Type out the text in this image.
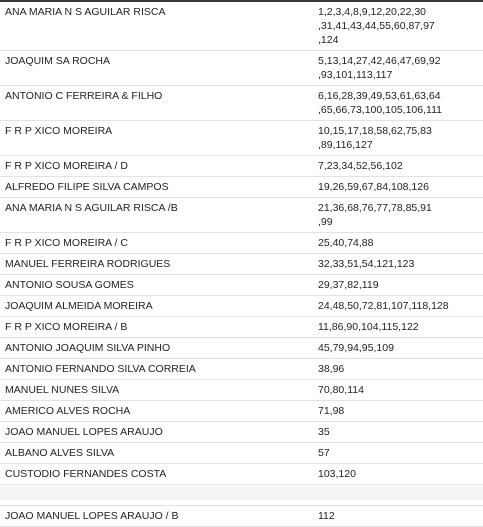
ANA MARIA N S AGUILAR RISCA	1,2,3,4,8,9,12,20,22,30
,31,41,43,44,55,60,87,97
,124

JOAQUIM SA ROCHA	5,13,14,27,42,46,47,69,92
,93,101,113,117

ANTONIO C FERREIRA & FILHO	6,16,28,39,49,53,61,63,64
,65,66,73,100,105,106,111

F R P XICO MOREIRA	10,15,17,18,58,62,75,83
,89,116,127

F R P XICO MOREIRA / D	7,23,34,52,56,102

ALFREDO FILIPE SILVA CAMPOS	19,26,59,67,84,108,126

ANA MARIA N S AGUILAR RISCA /B	21,36,68,76,77,78,85,91
,99

F R P XICO MOREIRA / C	25,40,74,88

MANUEL FERREIRA RODRIGUES	32,33,51,54,121,123

ANTONIO SOUSA GOMES	29,37,82,119

JOAQUIM ALMEIDA MOREIRA	24,48,50,72,81,107,118,128

F R P XICO MOREIRA / B	11,86,90,104,115,122

ANTONIO JOAQUIM SILVA PINHO	45,79,94,95,109

ANTONIO FERNANDO SILVA CORREIA	38,96

MANUEL NUNES SILVA	70,80,114

AMERICO ALVES ROCHA	71,98

JOAO MANUEL LOPES ARAUJO	35

ALBANO ALVES SILVA	57

CUSTODIO FERNANDES COSTA	103,120

JOAO MANUEL LOPES ARAUJO / B	112
